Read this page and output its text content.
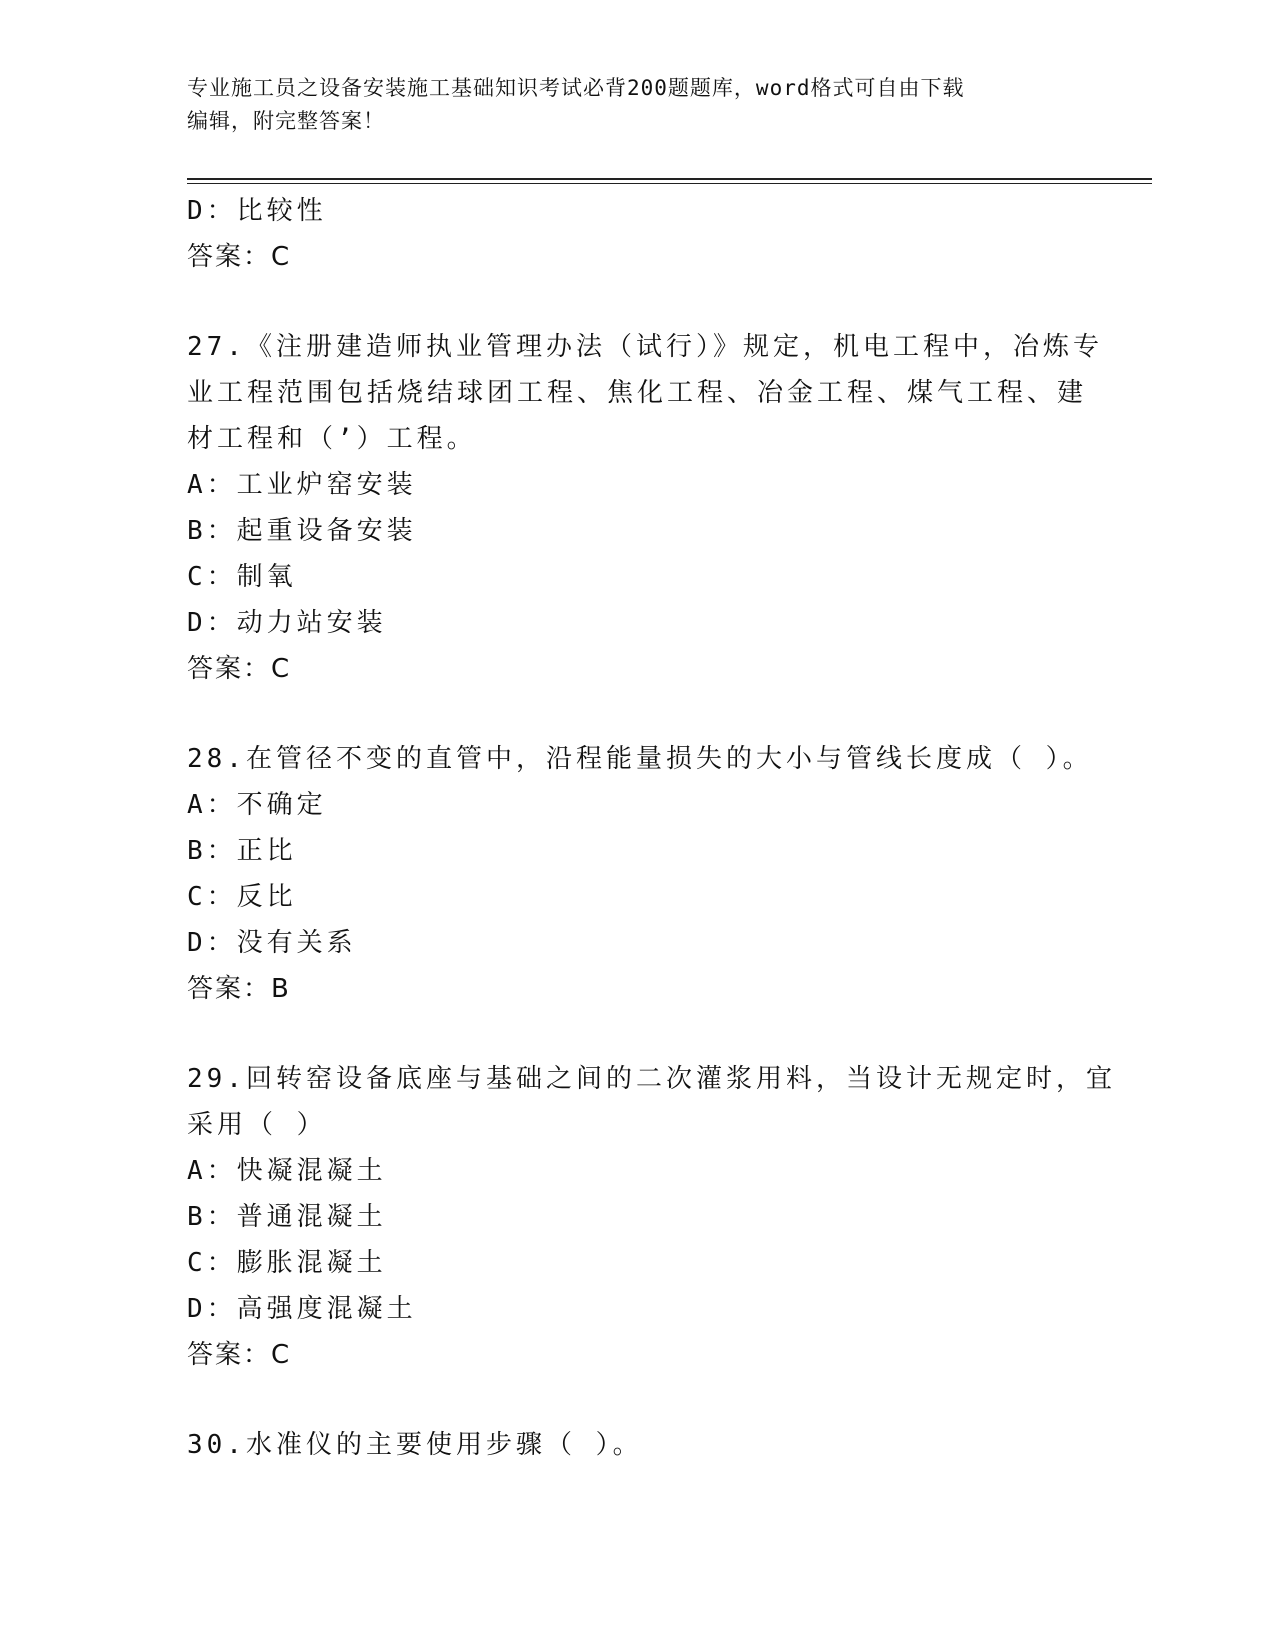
专业施工员之设备安装施工基础知识考试必背200题题库，word格式可自由下载
编辑，附完整答案！
D：比较性
答案：C
27.《注册建造师执业管理办法（试行）》规定，机电工程中，冶炼专
业工程范围包括烧结球团工程、焦化工程、冶金工程、煤气工程、建
材工程和（’）工程。
A：工业炉窑安装
B：起重设备安装
C：制氧
D：动力站安装
答案：C
28.在管径不变的直管中，沿程能量损失的大小与管线长度成（ ）。
A：不确定
B：正比
C：反比
D：没有关系
答案：B
29.回转窑设备底座与基础之间的二次灌浆用料，当设计无规定时，宜
采用（ ）
A：快凝混凝土
B：普通混凝土
C：膨胀混凝土
D：高强度混凝土
答案：C
30.水准仪的主要使用步骤（ ）。
